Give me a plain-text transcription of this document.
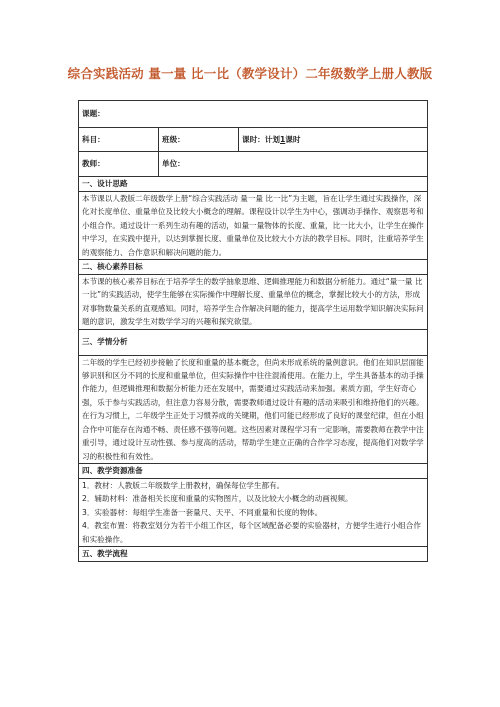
综合实践活动 量一量 比一比（教学设计）二年级数学上册人教版
课题：		
科目：	班级：	课时：计划1课时
教师：	单位：	
一、设计思路		

本节课以人教版二年级数学上册“综合实践活动 量一量 比一比”为主题，旨在让学生通过实践操作，深化对长度单位、重量单位及比较大小概念的理解。课程设计以学生为中心，强调动手操作、观察思考和小组合作。通过设计一系列生动有趣的活动，如量一量物体的长度、重量，比一比大小，让学生在操作中学习，在实践中提升，以达到掌握长度、重量单位及比较大小方法的教学目标。同时，注重培养学生的观察能力、合作意识和解决问题的能力。		

二、核心素养目标		

本节课的核心素养目标在于培养学生的数学抽象思维、逻辑推理能力和数据分析能力。通过“量一量 比一比”的实践活动，使学生能够在实际操作中理解长度、重量单位的概念，掌握比较大小的方法，形成对事物数量关系的直观感知。同时，培养学生合作解决问题的能力，提高学生运用数学知识解决实际问题的意识，激发学生对数学学习的兴趣和探究欲望。		

三、学情分析		

二年级的学生已经初步接触了长度和重量的基本概念，但尚未形成系统的量例意识。他们在知识层面能够识别和区分不同的长度和重量单位，但实际操作中往往混淆使用。在能力上，学生具备基本的动手操作能力，但逻辑推理和数据分析能力还在发展中，需要通过实践活动来加强。素质方面，学生好奇心强，乐于参与实践活动，但注意力容易分散，需要教师通过设计有趣的活动来吸引和维持他们的兴趣。

在行为习惯上，二年级学生正处于习惯养成的关键期，他们可能已经形成了良好的课堂纪律，但在小组合作中可能存在沟通不畅、责任感不强等问题。这些因素对课程学习有一定影响，需要教师在教学中注重引导，通过设计互动性强、参与度高的活动，帮助学生建立正确的合作学习态度，提高他们对数学学习的积极性和有效性。		

四、教学资源准备		

1．教材：人教版二年级数学上册教材，确保每位学生都有。

2．辅助材料：准备相关长度和重量的实物图片，以及比较大小概念的动画视频。

3．实验器材：每组学生准备一套量尺、天平、不同重量和长度的物体。

4．教室布置：将教室划分为若干小组工作区，每个区域配备必要的实验器材，方便学生进行小组合作和实验操作。		

五、教学流程		
